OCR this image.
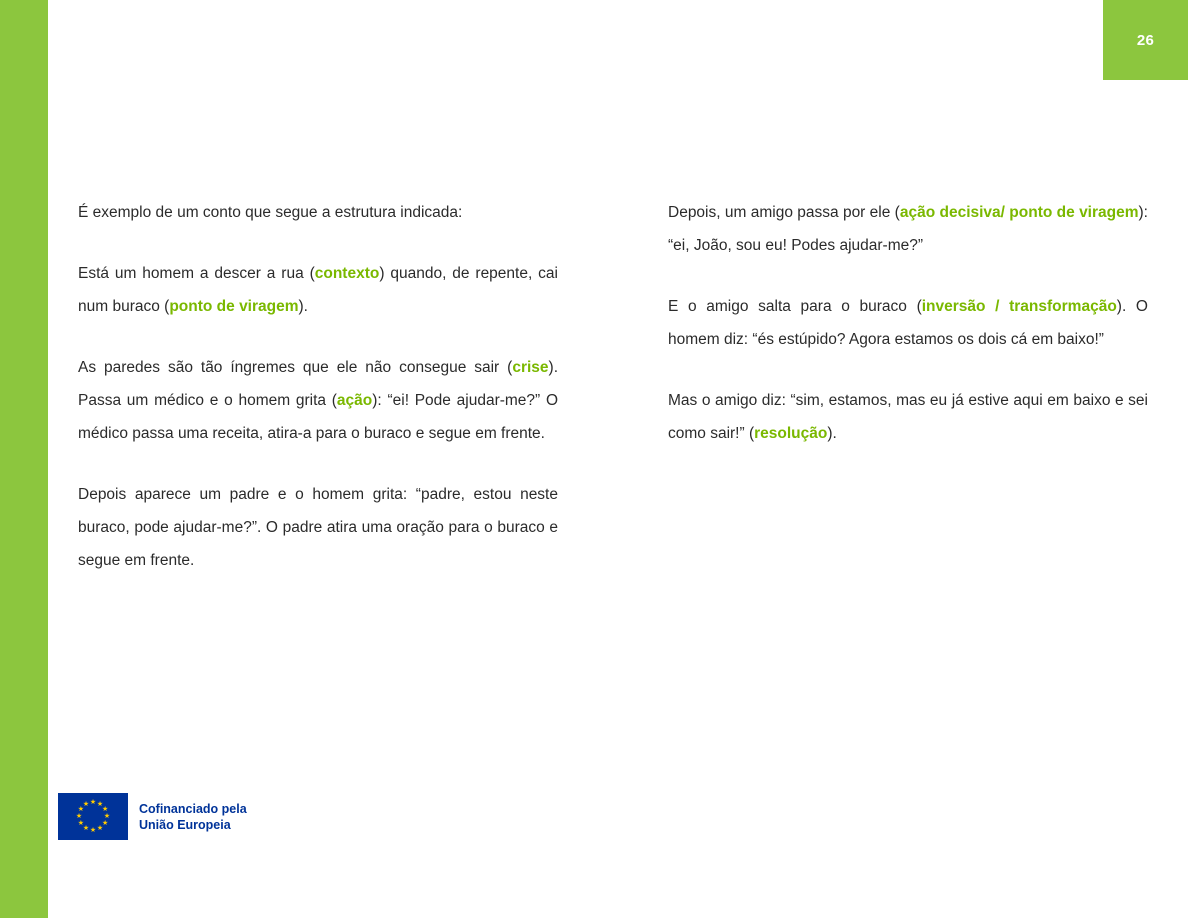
26

É exemplo de um conto que segue a estrutura indicada:

Está um homem a descer a rua (contexto) quando, de repente, cai num buraco (ponto de viragem).

As paredes são tão íngremes que ele não consegue sair (crise). Passa um médico e o homem grita (ação): “ei! Pode ajudar-me?” O médico passa uma receita, atira-a para o buraco e segue em frente.

Depois aparece um padre e o homem grita: “padre, estou neste buraco, pode ajudar-me?”. O padre atira uma oração para o buraco e segue em frente.

Depois, um amigo passa por ele (ação decisiva/ ponto de viragem): “ei, João, sou eu! Podes ajudar-me?”

E o amigo salta para o buraco (inversão / transformação). O homem diz: “és estúpido? Agora estamos os dois cá em baixo!”

Mas o amigo diz: “sim, estamos, mas eu já estive aqui em baixo e sei como sair!” (resolução).

★ ★
★
★
★
★
★
★
★
★
★
★	Cofinanciado pela
União Europeia
